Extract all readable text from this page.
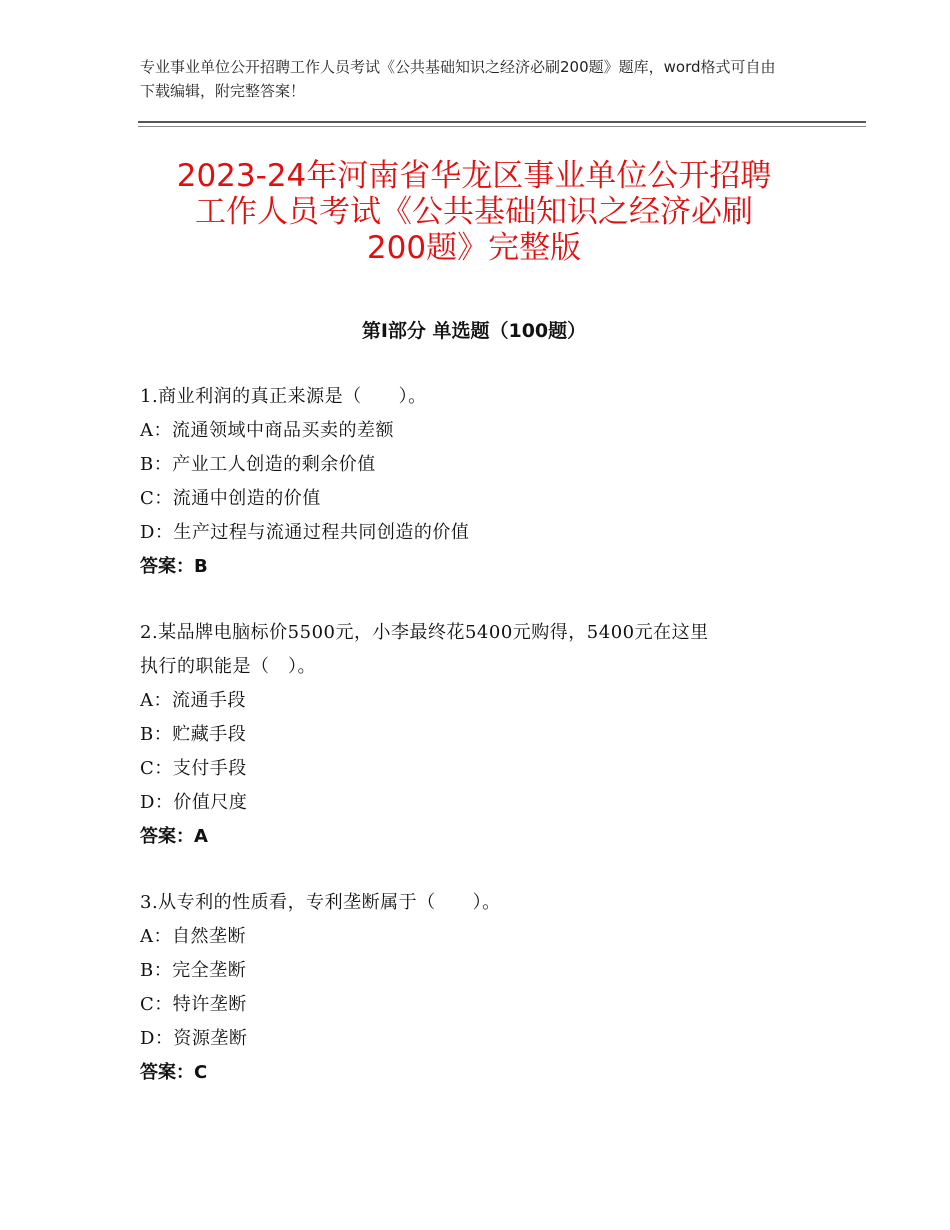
专业事业单位公开招聘工作人员考试《公共基础知识之经济必刷200题》题库，word格式可自由下载编辑，附完整答案！
2023-24年河南省华龙区事业单位公开招聘
工作人员考试《公共基础知识之经济必刷
200题》完整版
第Ⅰ部分 单选题（100题）
1.商业利润的真正来源是（　　）。
A：流通领域中商品买卖的差额
B：产业工人创造的剩余价值
C：流通中创造的价值
D：生产过程与流通过程共同创造的价值
答案：B
2.某品牌电脑标价5500元，小李最终花5400元购得，5400元在这里
执行的职能是（　）。
A：流通手段
B：贮藏手段
C：支付手段
D：价值尺度
答案：A
3.从专利的性质看，专利垄断属于（　　）。
A：自然垄断
B：完全垄断
C：特许垄断
D：资源垄断
答案：C
